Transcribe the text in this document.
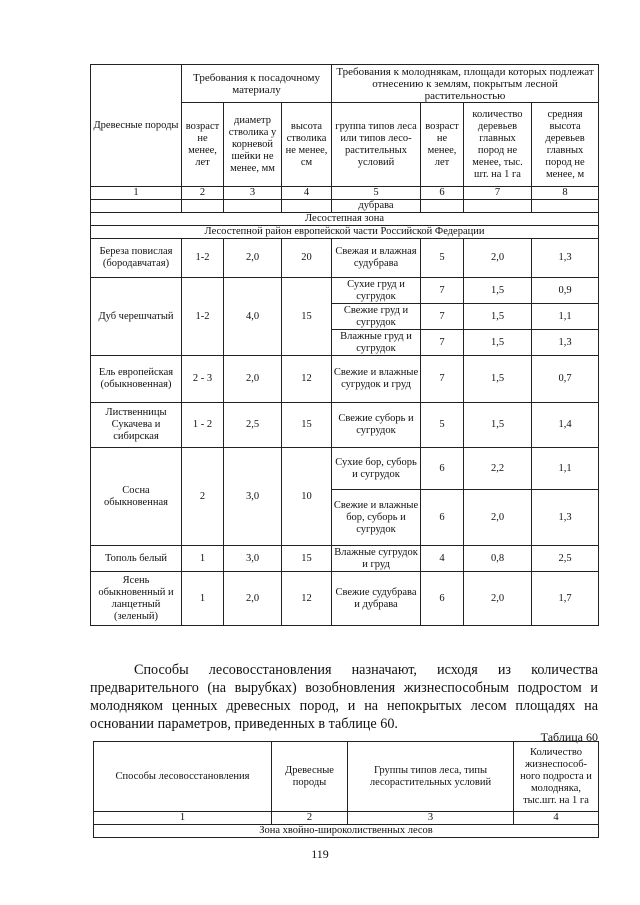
Древесные породы	Требования к посадочному материалу			Требования к молоднякам, площади которых подлежат отнесению к землям, покрытым лесной растительностью			
	возраст не менее, лет	диаметр стволика у корневой шейки не менее, мм	высота стволика не менее, см	группа типов леса или типов лесо-растительных условий	возраст не менее, лет	количество деревьев главных пород не менее, тыс. шт. на 1 га	средняя высота деревьев главных пород не менее, м
1	2	3	4	5	6	7	8
				дубрава			
Лесостепная зона							
Лесостепной район европейской части Российской Федерации							
Береза повислая (бородавчатая)	1-2	2,0	20	Свежая и влажная судубрава	5	2,0	1,3
Дуб черешчатый	1-2	4,0	15	Сухие груд и сугрудок	7	1,5	0,9
				Свежие груд и сугрудок	7	1,5	1,1
				Влажные груд и сугрудок	7	1,5	1,3
Ель европейская (обыкновенная)	2 - 3	2,0	12	Свежие и влажные сугрудок и груд	7	1,5	0,7
Лиственницы Сукачева и сибирская	1 - 2	2,5	15	Свежие суборь и сугрудок	5	1,5	1,4
Сосна обыкновенная	2	3,0	10	Сухие бор, суборь и сугрудок	6	2,2	1,1
				Свежие и влажные бор, суборь и сугрудок	6	2,0	1,3
Тополь белый	1	3,0	15	Влажные сугрудок и груд	4	0,8	2,5
Ясень обыкновенный и ланцетный (зеленый)	1	2,0	12	Свежие судубрава и дубрава	6	2,0	1,7

Способы лесовосстановления назначают, исходя из количества предварительного (на вырубках) возобновления жизнеспособным подростом и молодняком ценных древесных пород, и на непокрытых лесом площадях на основании параметров, приведенных в таблице 60.

Таблица 60
Способы лесовосстановления	Древесные породы	Группы типов леса, типы лесорастительных условий	Количество жизнеспособ-ного подроста и молодняка, тыс.шт. на 1 га
1	2	3	4
Зона хвойно-широколиственных лесов			
119
